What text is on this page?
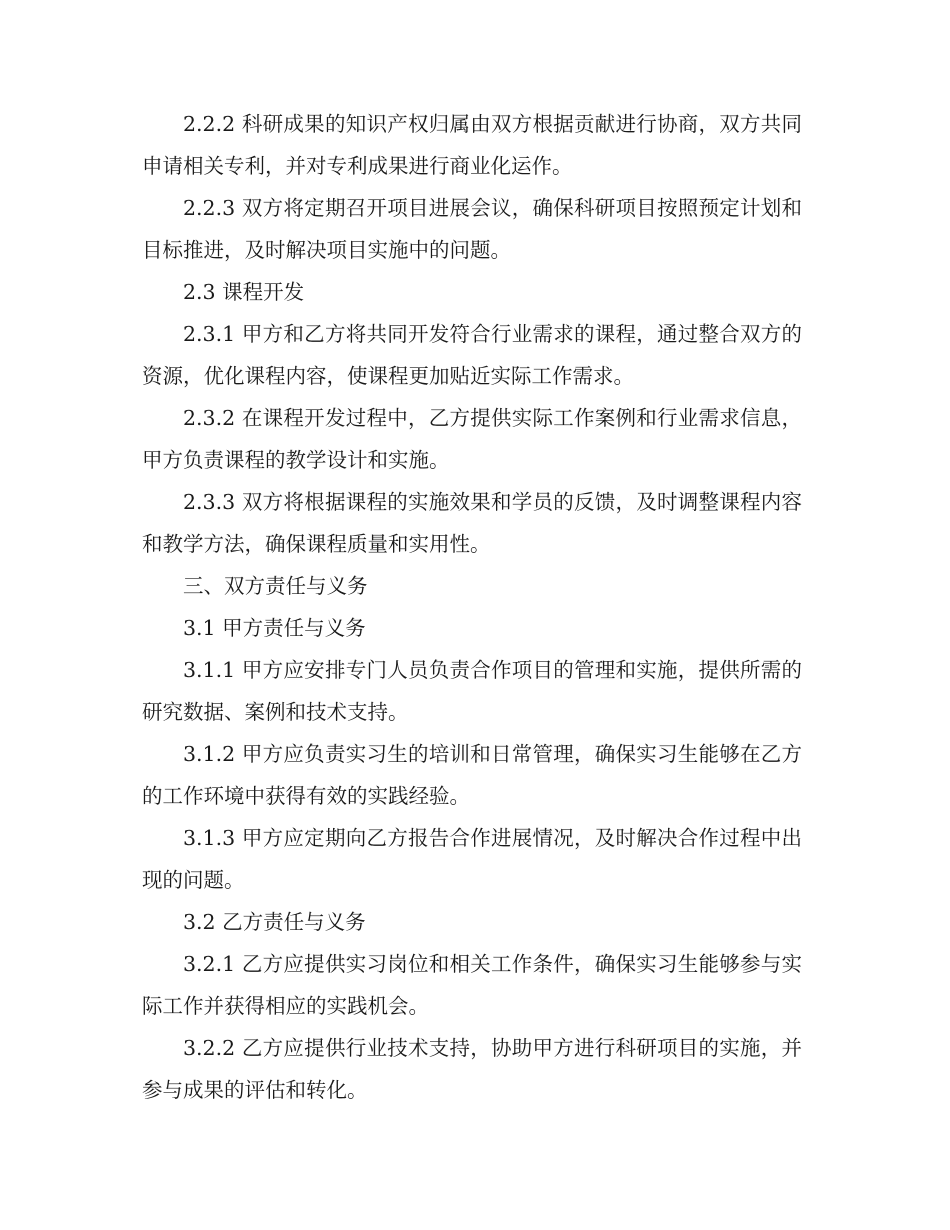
2.2.2 科研成果的知识产权归属由双方根据贡献进行协商，双方共同申请相关专利，并对专利成果进行商业化运作。

2.2.3 双方将定期召开项目进展会议，确保科研项目按照预定计划和目标推进，及时解决项目实施中的问题。

2.3 课程开发

2.3.1 甲方和乙方将共同开发符合行业需求的课程，通过整合双方的资源，优化课程内容，使课程更加贴近实际工作需求。

2.3.2 在课程开发过程中，乙方提供实际工作案例和行业需求信息，甲方负责课程的教学设计和实施。

2.3.3 双方将根据课程的实施效果和学员的反馈，及时调整课程内容和教学方法，确保课程质量和实用性。

三、双方责任与义务

3.1 甲方责任与义务

3.1.1 甲方应安排专门人员负责合作项目的管理和实施，提供所需的研究数据、案例和技术支持。

3.1.2 甲方应负责实习生的培训和日常管理，确保实习生能够在乙方的工作环境中获得有效的实践经验。

3.1.3 甲方应定期向乙方报告合作进展情况，及时解决合作过程中出现的问题。

3.2 乙方责任与义务

3.2.1 乙方应提供实习岗位和相关工作条件，确保实习生能够参与实际工作并获得相应的实践机会。

3.2.2 乙方应提供行业技术支持，协助甲方进行科研项目的实施，并参与成果的评估和转化。
